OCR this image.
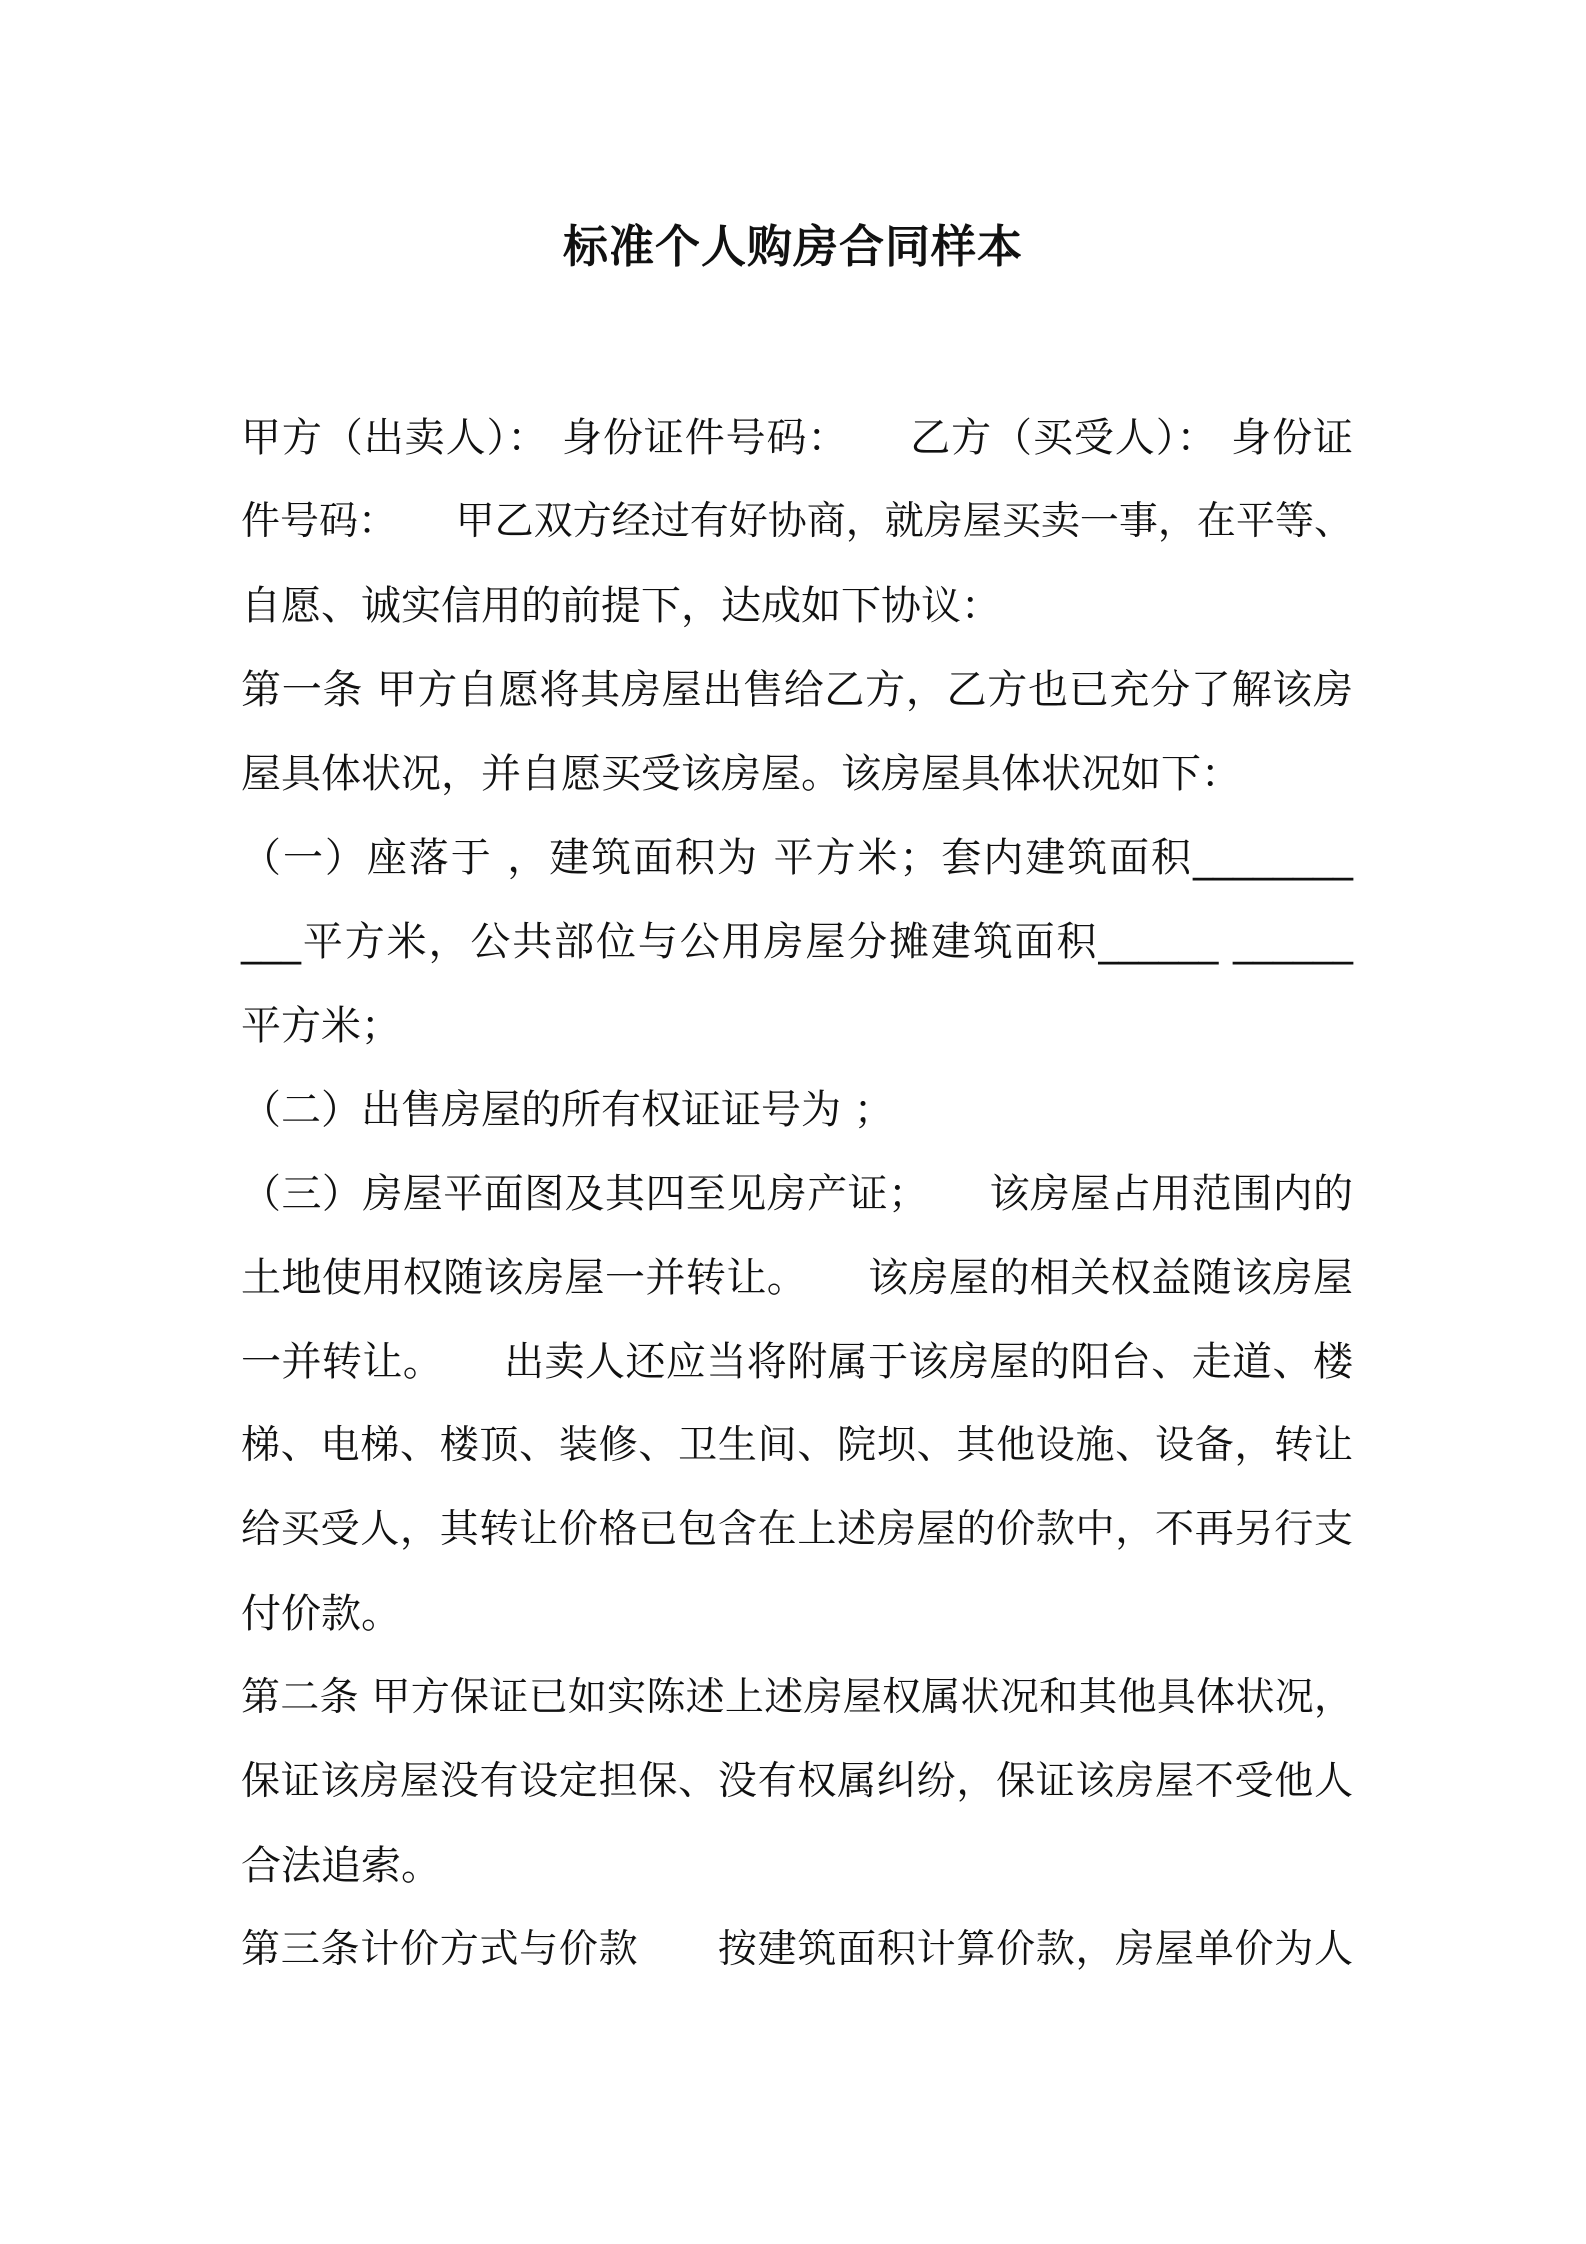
标准个人购房合同样本
甲方（出卖人）： 身份证件号码：　　乙方（买受人）： 身份证
件号码：　　甲乙双方经过有好协商，就房屋买卖一事，在平等、
自愿、诚实信用的前提下，达成如下协议：
第一条 甲方自愿将其房屋出售给乙方，乙方也已充分了解该房
屋具体状况，并自愿买受该房屋。该房屋具体状况如下：
（一）座落于 ，建筑面积为 平方米；套内建筑面积________
___平方米，公共部位与公用房屋分摊建筑面积______ ______
平方米；
（二）出售房屋的所有权证证号为 ；
（三）房屋平面图及其四至见房产证；　　该房屋占用范围内的
土地使用权随该房屋一并转让。　　该房屋的相关权益随该房屋
一并转让。　　出卖人还应当将附属于该房屋的阳台、走道、楼
梯、电梯、楼顶、装修、卫生间、院坝、其他设施、设备，转让
给买受人，其转让价格已包含在上述房屋的价款中，不再另行支
付价款。
第二条 甲方保证已如实陈述上述房屋权属状况和其他具体状况，
保证该房屋没有设定担保、没有权属纠纷，保证该房屋不受他人
合法追索。
第三条计价方式与价款　　按建筑面积计算价款，房屋单价为人
